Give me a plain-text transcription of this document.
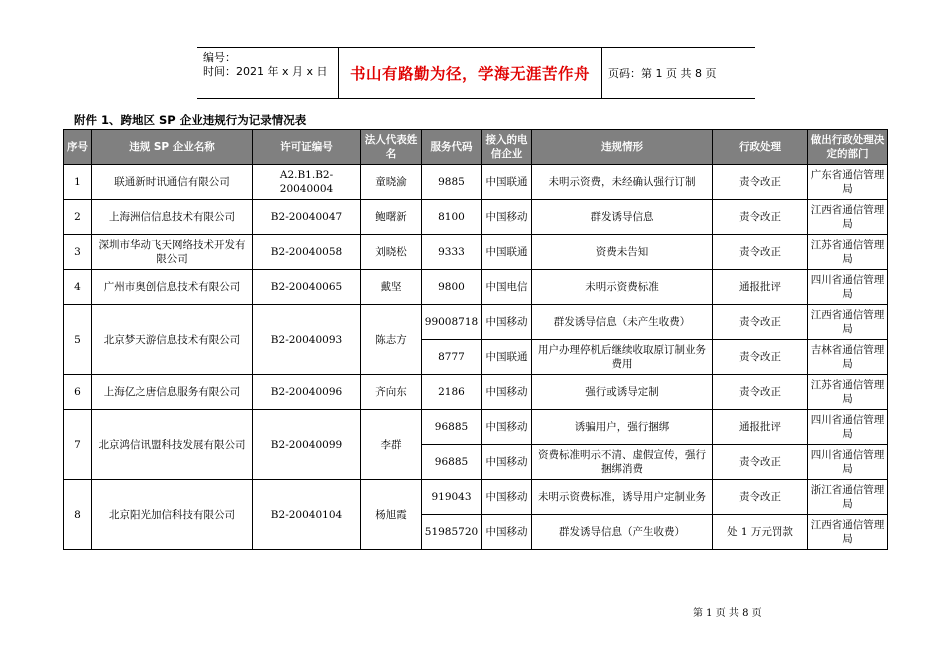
编号：
时间：2021 年 x 月 x 日	书山有路勤为径，学海无涯苦作舟	页码：第 1 页 共 8 页
附件 1、跨地区 SP 企业违规行为记录情况表
序号	违规 SP 企业名称	许可证编号	法人代表姓名	服务代码	接入的电信企业	违规情形	行政处理	做出行政处理决定的部门
1	联通新时讯通信有限公司	A2.B1.B2-20040004	童晓渝	9885	中国联通	未明示资费，未经确认强行订制	责令改正	广东省通信管理局
2	上海洲信信息技术有限公司	B2-20040047	鲍曙新	8100	中国移动	群发诱导信息	责令改正	江西省通信管理局
3	深圳市华动飞天网络技术开发有限公司	B2-20040058	刘晓松	9333	中国联通	资费未告知	责令改正	江苏省通信管理局
4	广州市奥创信息技术有限公司	B2-20040065	戴坚	9800	中国电信	未明示资费标准	通报批评	四川省通信管理局
5	北京梦天游信息技术有限公司	B2-20040093	陈志方	99008718	中国移动	群发诱导信息（未产生收费）	责令改正	江西省通信管理局
				8777	中国联通	用户办理停机后继续收取原订制业务费用	责令改正	吉林省通信管理局
6	上海亿之唐信息服务有限公司	B2-20040096	齐向东	2186	中国移动	强行或诱导定制	责令改正	江苏省通信管理局
7	北京鸿信讯盟科技发展有限公司	B2-20040099	李群	96885	中国移动	诱骗用户，强行捆绑	通报批评	四川省通信管理局
				96885	中国移动	资费标准明示不清、虚假宣传，强行捆绑消费	责令改正	四川省通信管理局
8	北京阳光加信科技有限公司	B2-20040104	杨旭霞	919043	中国移动	未明示资费标准，诱导用户定制业务	责令改正	浙江省通信管理局
				51985720	中国移动	群发诱导信息（产生收费）	处 1 万元罚款	江西省通信管理局
第 1 页 共 8 页
